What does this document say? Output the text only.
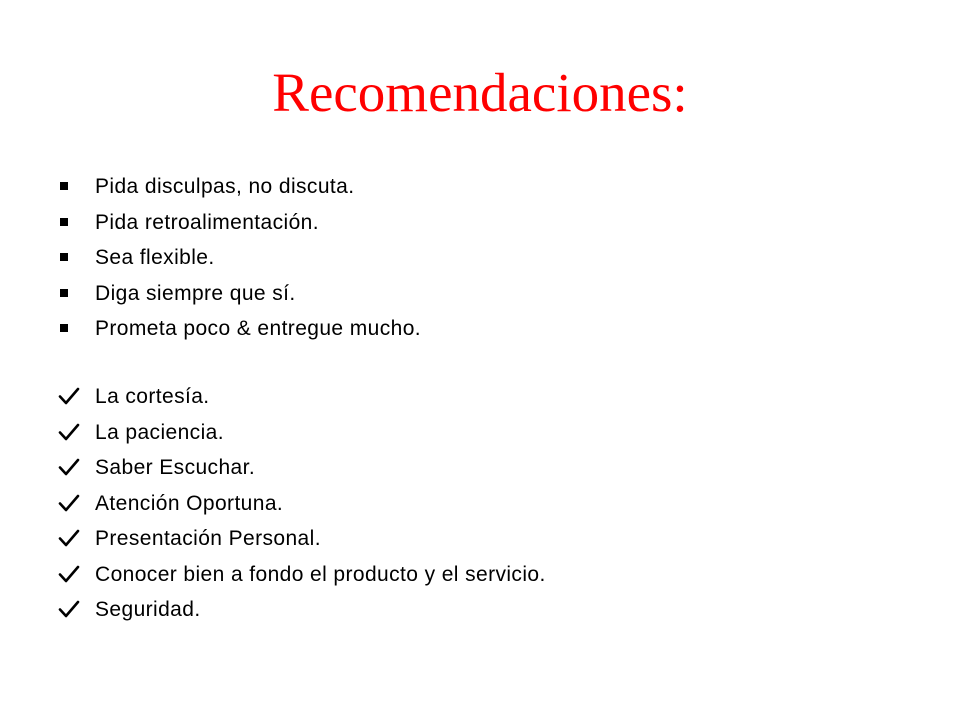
Recomendaciones:
Pida disculpas, no discuta.
Pida retroalimentación.
Sea flexible.
Diga siempre que sí.
Prometa poco & entregue mucho.
La cortesía.
La paciencia.
Saber Escuchar.
Atención Oportuna.
Presentación Personal.
Conocer bien a fondo el producto y el servicio.
Seguridad.
